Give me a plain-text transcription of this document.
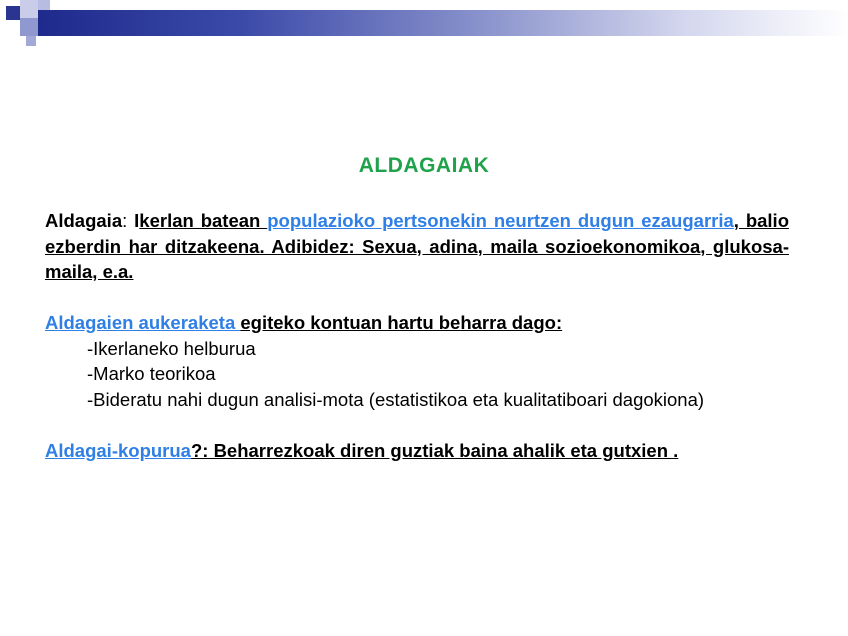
ALDAGAIAK

Aldagaia: Ikerlan batean populazioko pertsonekin neurtzen dugun ezaugarria, balio ezberdin har ditzakeena. Adibidez: Sexua, adina, maila sozioekonomikoa, glukosa-maila, e.a.

Aldagaien aukeraketa egiteko kontuan hartu beharra dago:

-Ikerlaneko helburua

-Marko teorikoa

-Bideratu nahi dugun analisi-mota (estatistikoa eta kualitatiboari dagokiona)

Aldagai-kopurua?: Beharrezkoak diren guztiak baina ahalik eta gutxien .
